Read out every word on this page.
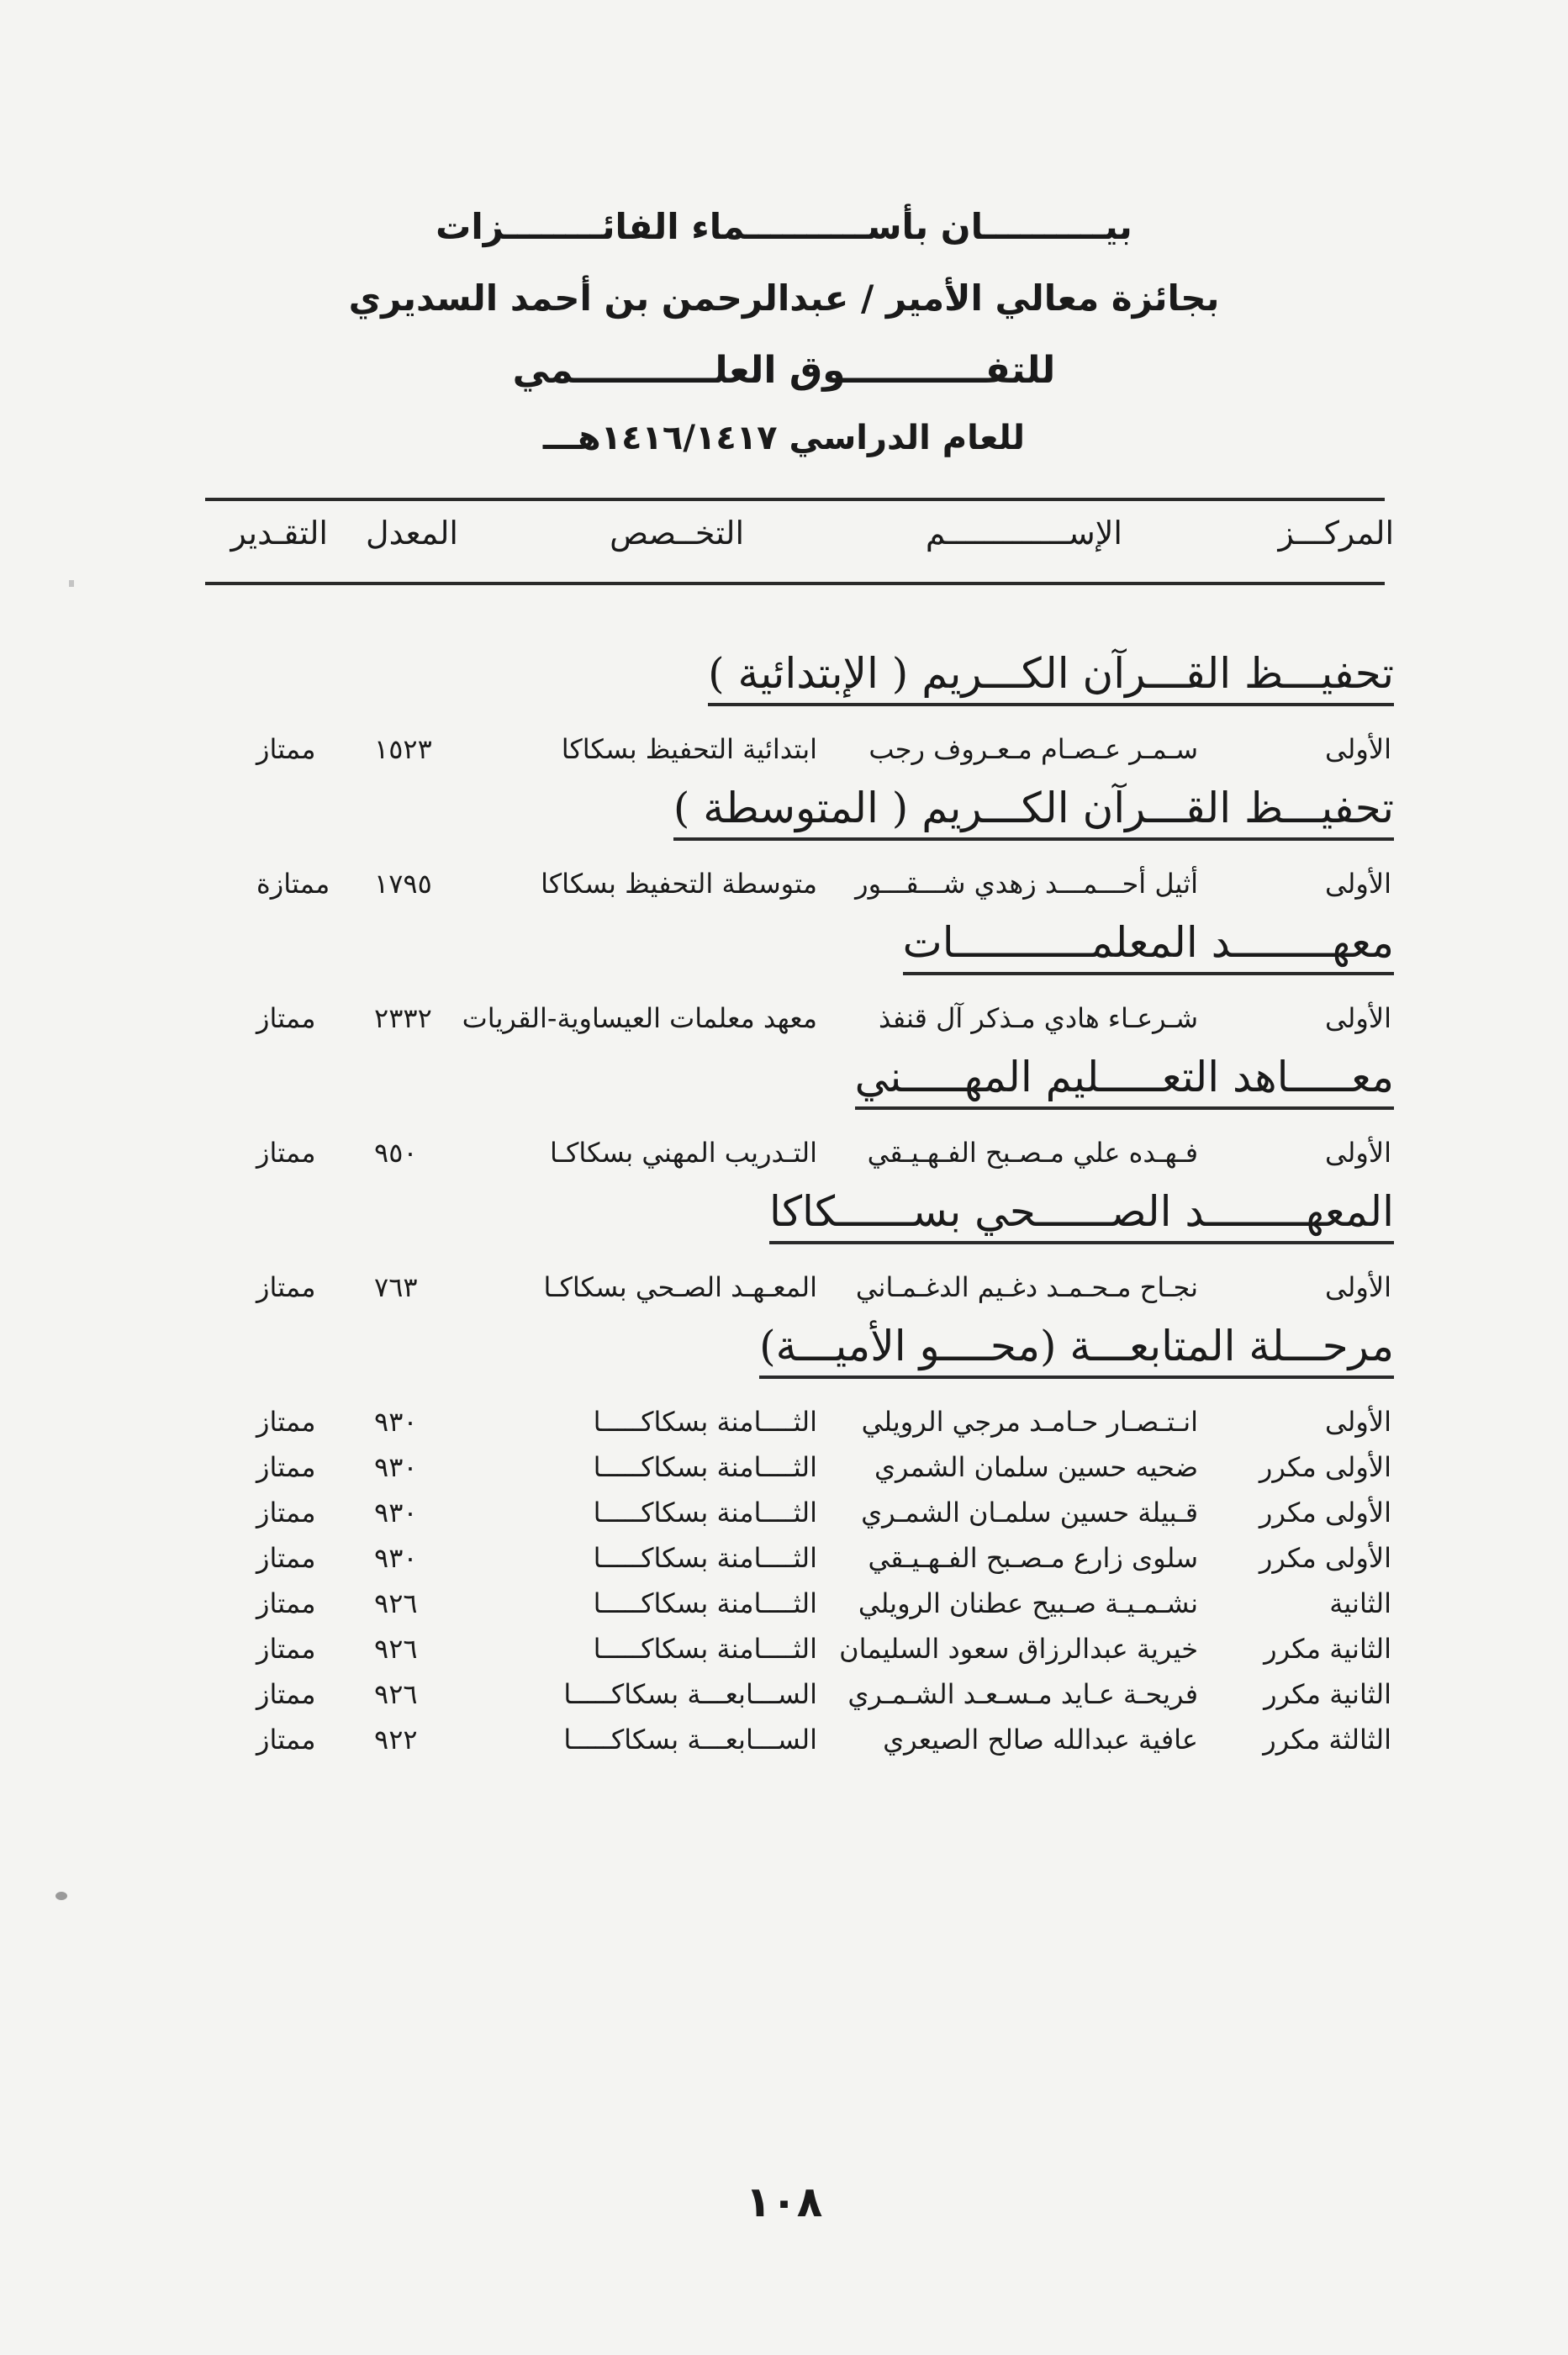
بيــــــــــان بأســــــــــماء الفائــــــــزات
بجائزة معالي الأمير / عبدالرحمن بن أحمد السديري
للتفـــــــــــوق العلـــــــــــمي
للعام الدراسي ١٤١٦/١٤١٧هـــ
المركـــز
الإســـــــــــــم
التخــصص
المعدل
التقـدير
تحفيـــظ القـــرآن الكـــريم ( الإبتدائية )
الأولى
سـمـر عـصـام مـعـروف رجب
ابتدائية التحفيظ بسكاكا
١٥٢٣
ممتاز
تحفيـــظ القـــرآن الكـــريم ( المتوسطة )
الأولى
أثيل أحـــمـــد زهدي شـــقـــور
متوسطة التحفيظ بسكاكا
١٧٩٥
ممتازة
معهــــــــد المعلمـــــــــــات
الأولى
شـرعـاء هادي مـذكر آل قنفذ
معهد معلمات العيساوية-القريات
٢٣٣٢
ممتاز
معـــــاهد التعـــــليم المهـــــني
الأولى
فـهـده علي مـصـبح الفـهـيـقي
التـدريب المهني بسكاكـا
٩٥٠
ممتاز
المعهــــــــد الصــــــحي بســــــكاكا
الأولى
نجـاح مـحـمـد دغـيم الدغـمـاني
المعـهـد الصـحي بسكاكـا
٧٦٣
ممتاز
مرحـــلة المتابعـــة (محــــو الأميـــة)
الأولى
انـتـصـار حـامـد مرجي الرويلي
الثــــامنة بسكاكـــــا
٩٣٠
ممتاز
الأولى مكرر
ضحيه حسين سلمان الشمري
الثــــامنة بسكاكـــــا
٩٣٠
ممتاز
الأولى مكرر
قـبيلة حسين سلمـان الشمـري
الثــــامنة بسكاكـــــا
٩٣٠
ممتاز
الأولى مكرر
سلوى زارع مـصـبح الفـهـيـقي
الثــــامنة بسكاكـــــا
٩٣٠
ممتاز
الثانية
نشـمـيـة صـبيح عطنان الرويلي
الثــــامنة بسكاكـــــا
٩٢٦
ممتاز
الثانية مكرر
خيرية عبدالرزاق سعود السليمان
الثــــامنة بسكاكـــــا
٩٢٦
ممتاز
الثانية مكرر
فريحـة عـايد مـسـعـد الشـمـري
الســـابعـــة بسكاكـــــا
٩٢٦
ممتاز
الثالثة مكرر
عافية عبدالله صالح الصيعري
الســـابعـــة بسكاكـــــا
٩٢٢
ممتاز
١٠٨
